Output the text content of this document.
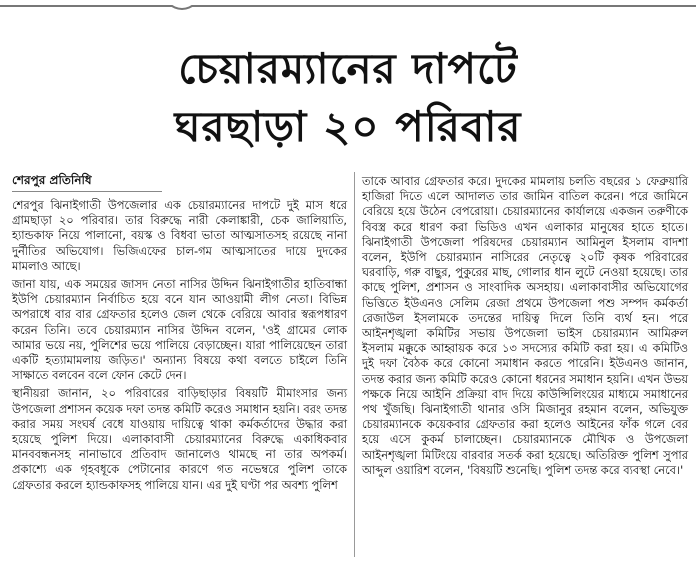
চেয়ারম্যানের দাপটে
ঘরছাড়া ২০ পরিবার
শেরপুর প্রতিনিধি

শেরপুর ঝিনাইগাতী উপজেলার এক চেয়ারম্যানের দাপটে দুই মাস ধরে গ্রামছাড়া ২০ পরিবার। তার বিরুদ্ধে নারী কেলাঙ্কারী, চেক জালিয়াতি, হ্যান্ডকাফ নিয়ে পালানো, বয়স্ক ও বিধবা ভাতা আত্মসাতসহ রয়েছে নানা দুর্নীতির অভিযোগ। ভিজিএফের চাল-গম আত্মসাতের দায়ে দুদকের মামলাও আছে।

জানা যায়, এক সময়ের জাসদ নেতা নাসির উদ্দিন ঝিনাইগাতীর হাতিবান্ধা ইউপি চেয়ারম্যান নির্বাচিত হয়ে বনে যান আওয়ামী লীগ নেতা। বিভিন্ন অপরাধে বার বার গ্রেফতার হলেও জেল থেকে বেরিয়ে আবার স্বরূপধারণ করেন তিনি। তবে চেয়ারম্যান নাসির উদ্দিন বলেন, 'ওই গ্রামের লোক আমার ভয়ে নয়, পুলিশের ভয়ে পালিয়ে বেড়াচ্ছেন। যারা পালিয়েছেন তারা একটি হত্যামামলায় জড়িত।' অন্যান্য বিষয়ে কথা বলতে চাইলে তিনি সাক্ষাতে বলবেন বলে ফোন কেটে দেন।

স্থানীয়রা জানান, ২০ পরিবারের বাড়িছাড়ার বিষয়টি মীমাংসার জন্য উপজেলা প্রশাসন কয়েক দফা তদন্ত কমিটি করেও সমাধান হয়নি। বরং তদন্ত করার সময় সংঘর্ষ বেধে যাওয়ায় দায়িত্বে থাকা কর্মকর্তাদের উদ্ধার করা হয়েছে পুলিশ দিয়ে। এলাকাবাসী চেয়ারম্যানের বিরুদ্ধে একাধিকবার মানববন্ধনসহ নানাভাবে প্রতিবাদ জানালেও থামছে না তার অপকর্ম। প্রকাশ্যে এক গৃহবধূকে পেটানোর কারণে গত নভেম্বরে পুলিশ তাকে গ্রেফতার করলে হ্যান্ডকাফসহ পালিয়ে যান। এর দুই ঘণ্টা পর অবশ্য পুলিশ

তাকে আবার গ্রেফতার করে। দুদকের মামলায় চলতি বছরের ১ ফেব্রুয়ারি হাজিরা দিতে এলে আদালত তার জামিন বাতিল করেন। পরে জামিনে বেরিয়ে হয়ে উঠেন বেপরোয়া। চেয়ারম্যানের কার্যালয়ে একজন তরুণীকে বিবস্ত্র করে ধারণ করা ভিডিও এখন এলাকার মানুষের হাতে হাতে। ঝিনাইগাতী উপজেলা পরিষদের চেয়ারম্যান আমিনুল ইসলাম বাদশা বলেন, ইউপি চেয়ারম্যান নাসিরের নেতৃত্বে ২০টি কৃষক পরিবারের ঘরবাড়ি, গরু বাছুর, পুকুরের মাছ, গোলার ধান লুটে নেওয়া হয়েছে। তার কাছে পুলিশ, প্রশাসন ও সাংবাদিক অসহায়। এলাকাবাসীর অভিযোগের ভিত্তিতে ইউএনও সেলিম রেজা প্রথমে উপজেলা পশু সম্পদ কর্মকর্তা রেজাউল ইসলামকে তদন্তের দায়িত্ব দিলে তিনি ব্যর্থ হন। পরে আইনশৃঙ্খলা কমিটির সভায় উপজেলা ভাইস চেয়ারম্যান আমিরুল ইসলাম মক্কুকে আহ্বায়ক করে ১৩ সদস্যের কমিটি করা হয়। এ কমিটিও দুই দফা বৈঠক করে কোনো সমাধান করতে পারেনি। ইউএনও জানান, তদন্ত করার জন্য কমিটি করেও কোনো ধরনের সমাধান হয়নি। এখন উভয় পক্ষকে নিয়ে আইনি প্রক্রিয়া বাদ দিয়ে কাউন্সিলিংয়ের মাধ্যমে সমাধানের পথ খুঁজছি। ঝিনাইগাতী থানার ওসি মিজানুর রহমান বলেন, অভিযুক্ত চেয়ারম্যানকে কয়েকবার গ্রেফতার করা হলেও আইনের ফাঁক গলে বের হয়ে এসে কুকর্ম চালাচ্ছেন। চেয়ারম্যানকে মৌখিক ও উপজেলা আইনশৃঙ্খলা মিটিংয়ে বারবার সতর্ক করা হয়েছে। অতিরিক্ত পুলিশ সুপার আব্দুল ওয়ারিশ বলেন, 'বিষয়টি শুনেছি। পুলিশ তদন্ত করে ব্যবস্থা নেবে।'
